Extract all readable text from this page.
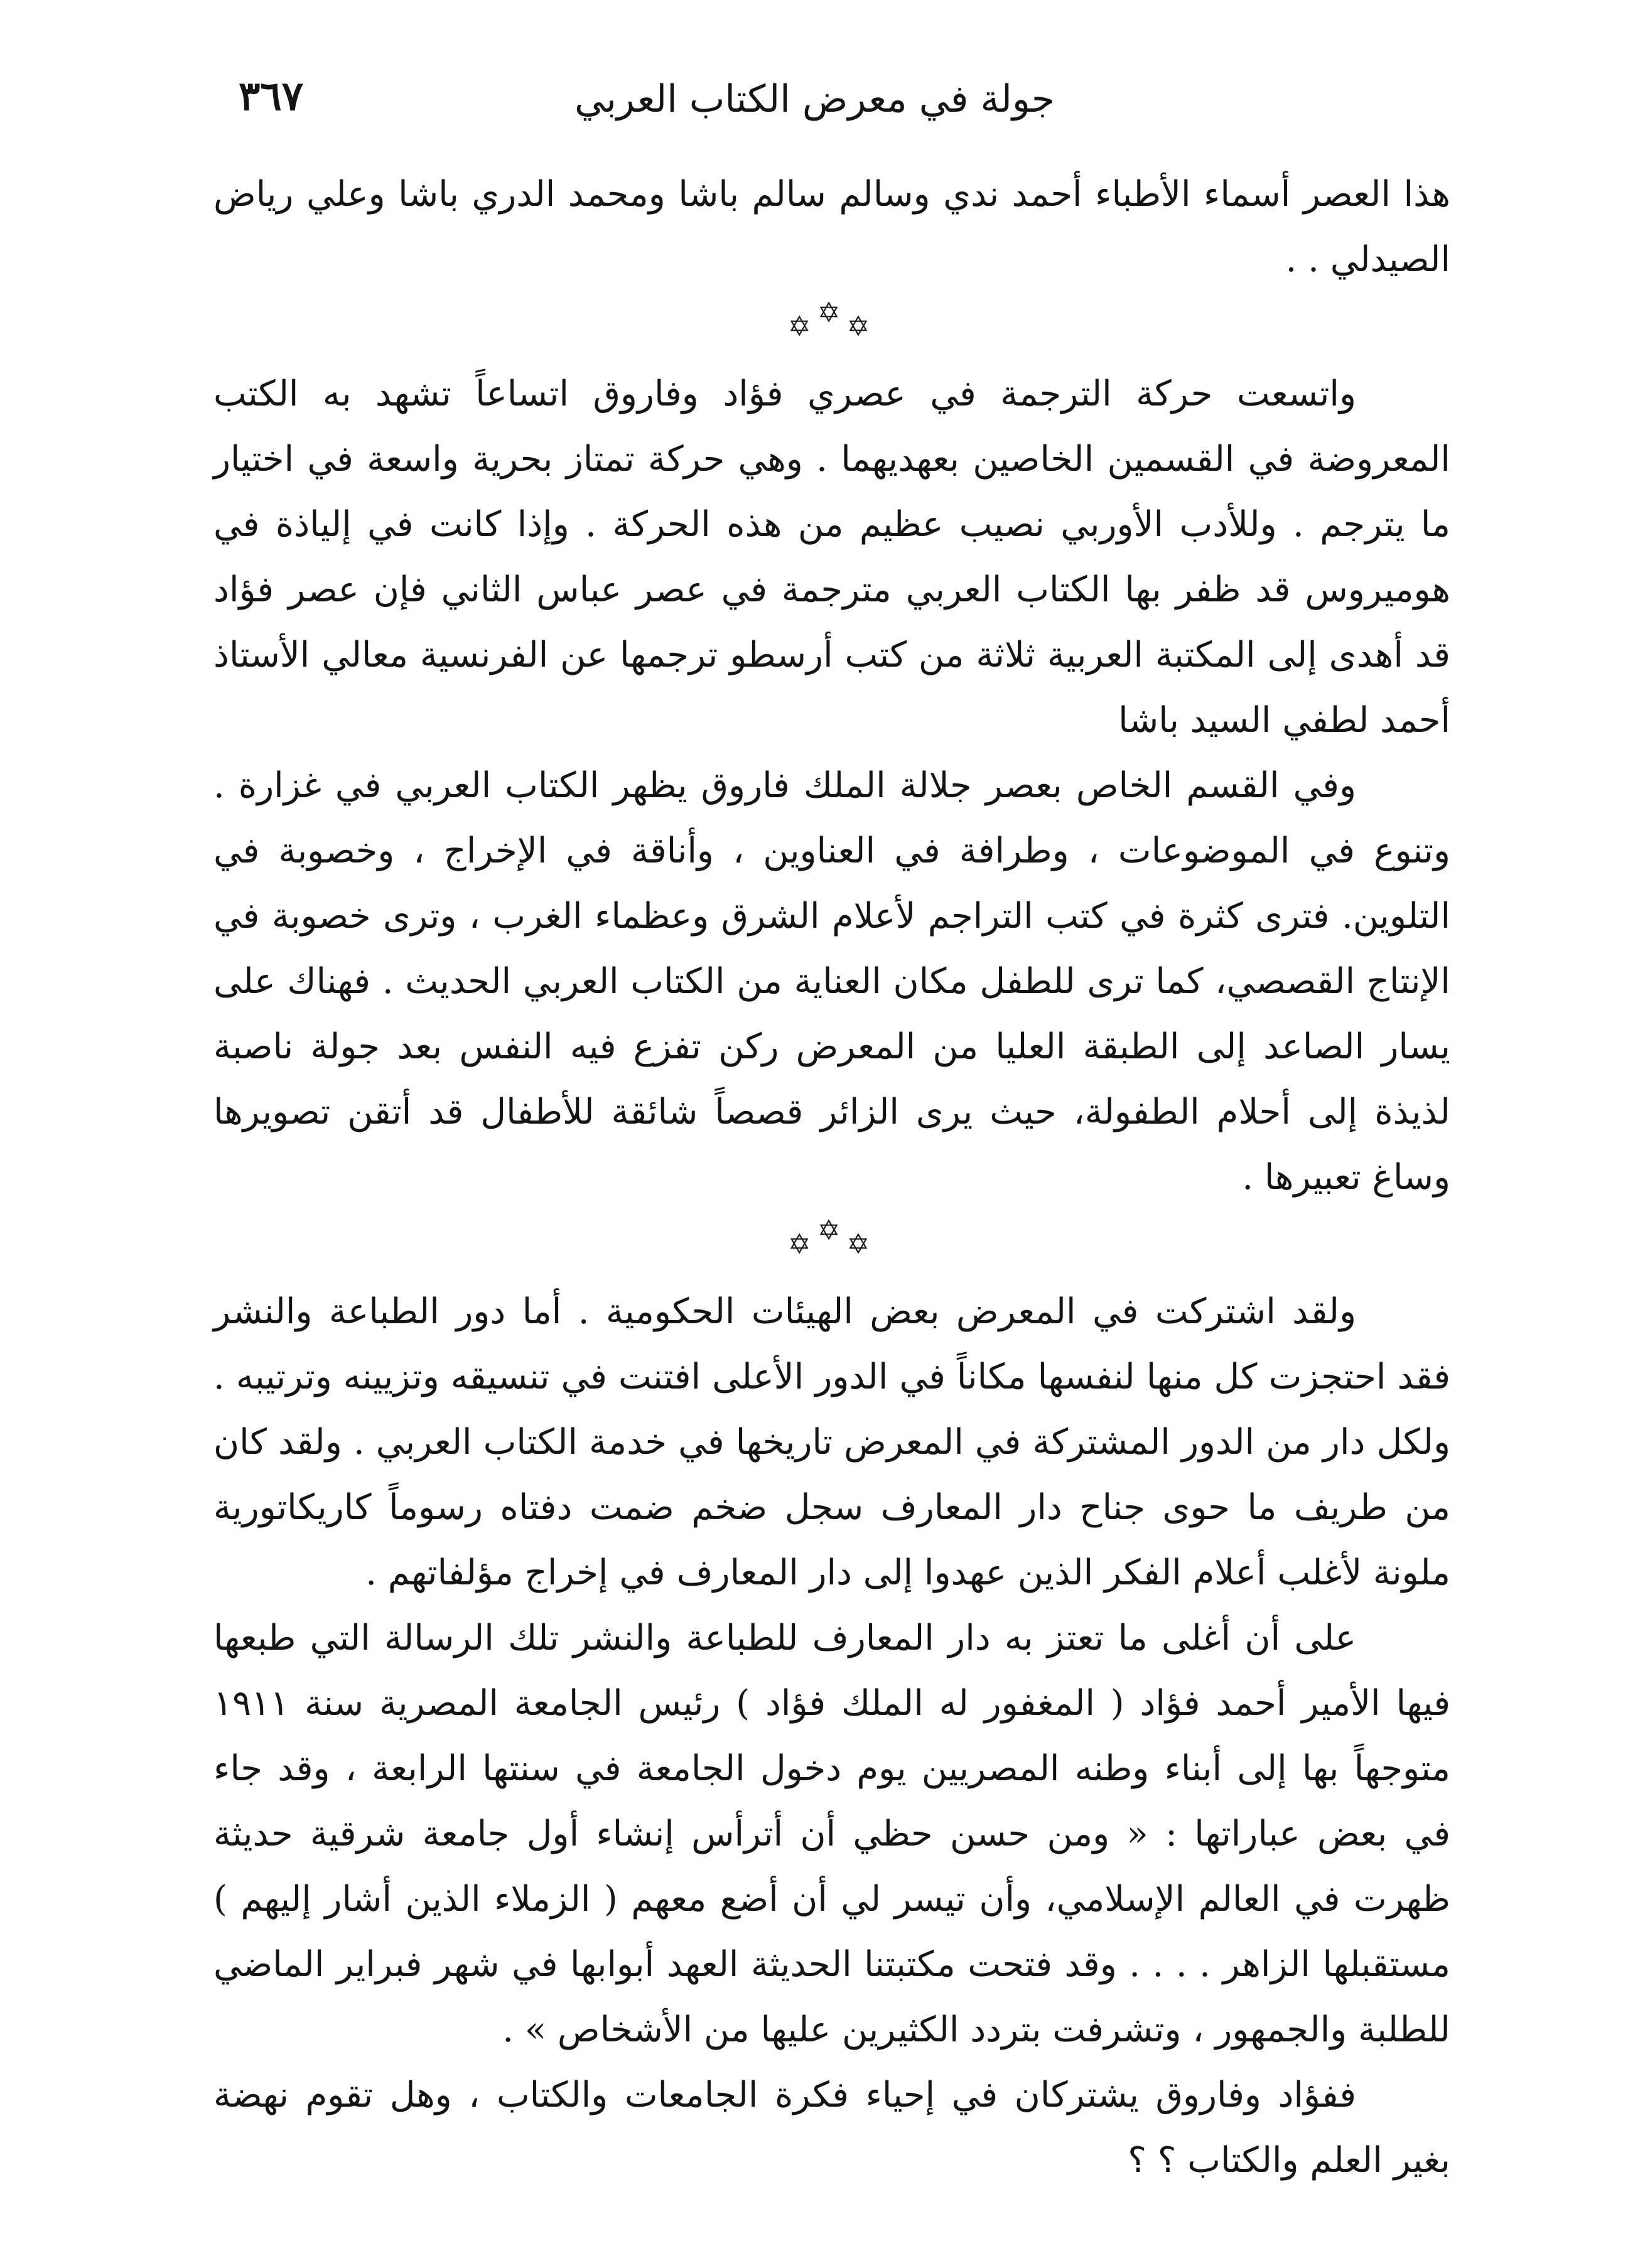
جولة في معرض الكتاب العربي
٣٦٧

هذا العصر أسماء الأطباء أحمد ندي وسالم سالم باشا ومحمد الدري باشا وعلي رياض الصيدلي . .

✡✡✡

واتسعت حركة الترجمة في عصري فؤاد وفاروق اتساعاً تشهد به الكتب المعروضة في القسمين الخاصين بعهديهما . وهي حركة تمتاز بحرية واسعة في اختيار ما يترجم . وللأدب الأوربي نصيب عظيم من هذه الحركة . وإذا كانت في إلياذة في هوميروس قد ظفر بها الكتاب العربي مترجمة في عصر عباس الثاني فإن عصر فؤاد قد أهدى إلى المكتبة العربية ثلاثة من كتب أرسطو ترجمها عن الفرنسية معالي الأستاذ أحمد لطفي السيد باشا

وفي القسم الخاص بعصر جلالة الملك فاروق يظهر الكتاب العربي في غزارة . وتنوع في الموضوعات ، وطرافة في العناوين ، وأناقة في الإخراج ، وخصوبة في التلوين. فترى كثرة في كتب التراجم لأعلام الشرق وعظماء الغرب ، وترى خصوبة في الإنتاج القصصي، كما ترى للطفل مكان العناية من الكتاب العربي الحديث . فهناك على يسار الصاعد إلى الطبقة العليا من المعرض ركن تفزع فيه النفس بعد جولة ناصبة لذيذة إلى أحلام الطفولة، حيث يرى الزائر قصصاً شائقة للأطفال قد أتقن تصويرها وساغ تعبيرها .

✡✡✡

ولقد اشتركت في المعرض بعض الهيئات الحكومية . أما دور الطباعة والنشر فقد احتجزت كل منها لنفسها مكاناً في الدور الأعلى افتنت في تنسيقه وتزيينه وترتيبه . ولكل دار من الدور المشتركة في المعرض تاريخها في خدمة الكتاب العربي . ولقد كان من طريف ما حوى جناح دار المعارف سجل ضخم ضمت دفتاه رسوماً كاريكاتورية ملونة لأغلب أعلام الفكر الذين عهدوا إلى دار المعارف في إخراج مؤلفاتهم .

على أن أغلى ما تعتز به دار المعارف للطباعة والنشر تلك الرسالة التي طبعها فيها الأمير أحمد فؤاد ( المغفور له الملك فؤاد ) رئيس الجامعة المصرية سنة ١٩١١ متوجهاً بها إلى أبناء وطنه المصريين يوم دخول الجامعة في سنتها الرابعة ، وقد جاء في بعض عباراتها : « ومن حسن حظي أن أترأس إنشاء أول جامعة شرقية حديثة ظهرت في العالم الإسلامي، وأن تيسر لي أن أضع معهم ( الزملاء الذين أشار إليهم ) مستقبلها الزاهر . . . . وقد فتحت مكتبتنا الحديثة العهد أبوابها في شهر فبراير الماضي للطلبة والجمهور ، وتشرفت بتردد الكثيرين عليها من الأشخاص » .

ففؤاد وفاروق يشتركان في إحياء فكرة الجامعات والكتاب ، وهل تقوم نهضة بغير العلم والكتاب ؟ ؟
